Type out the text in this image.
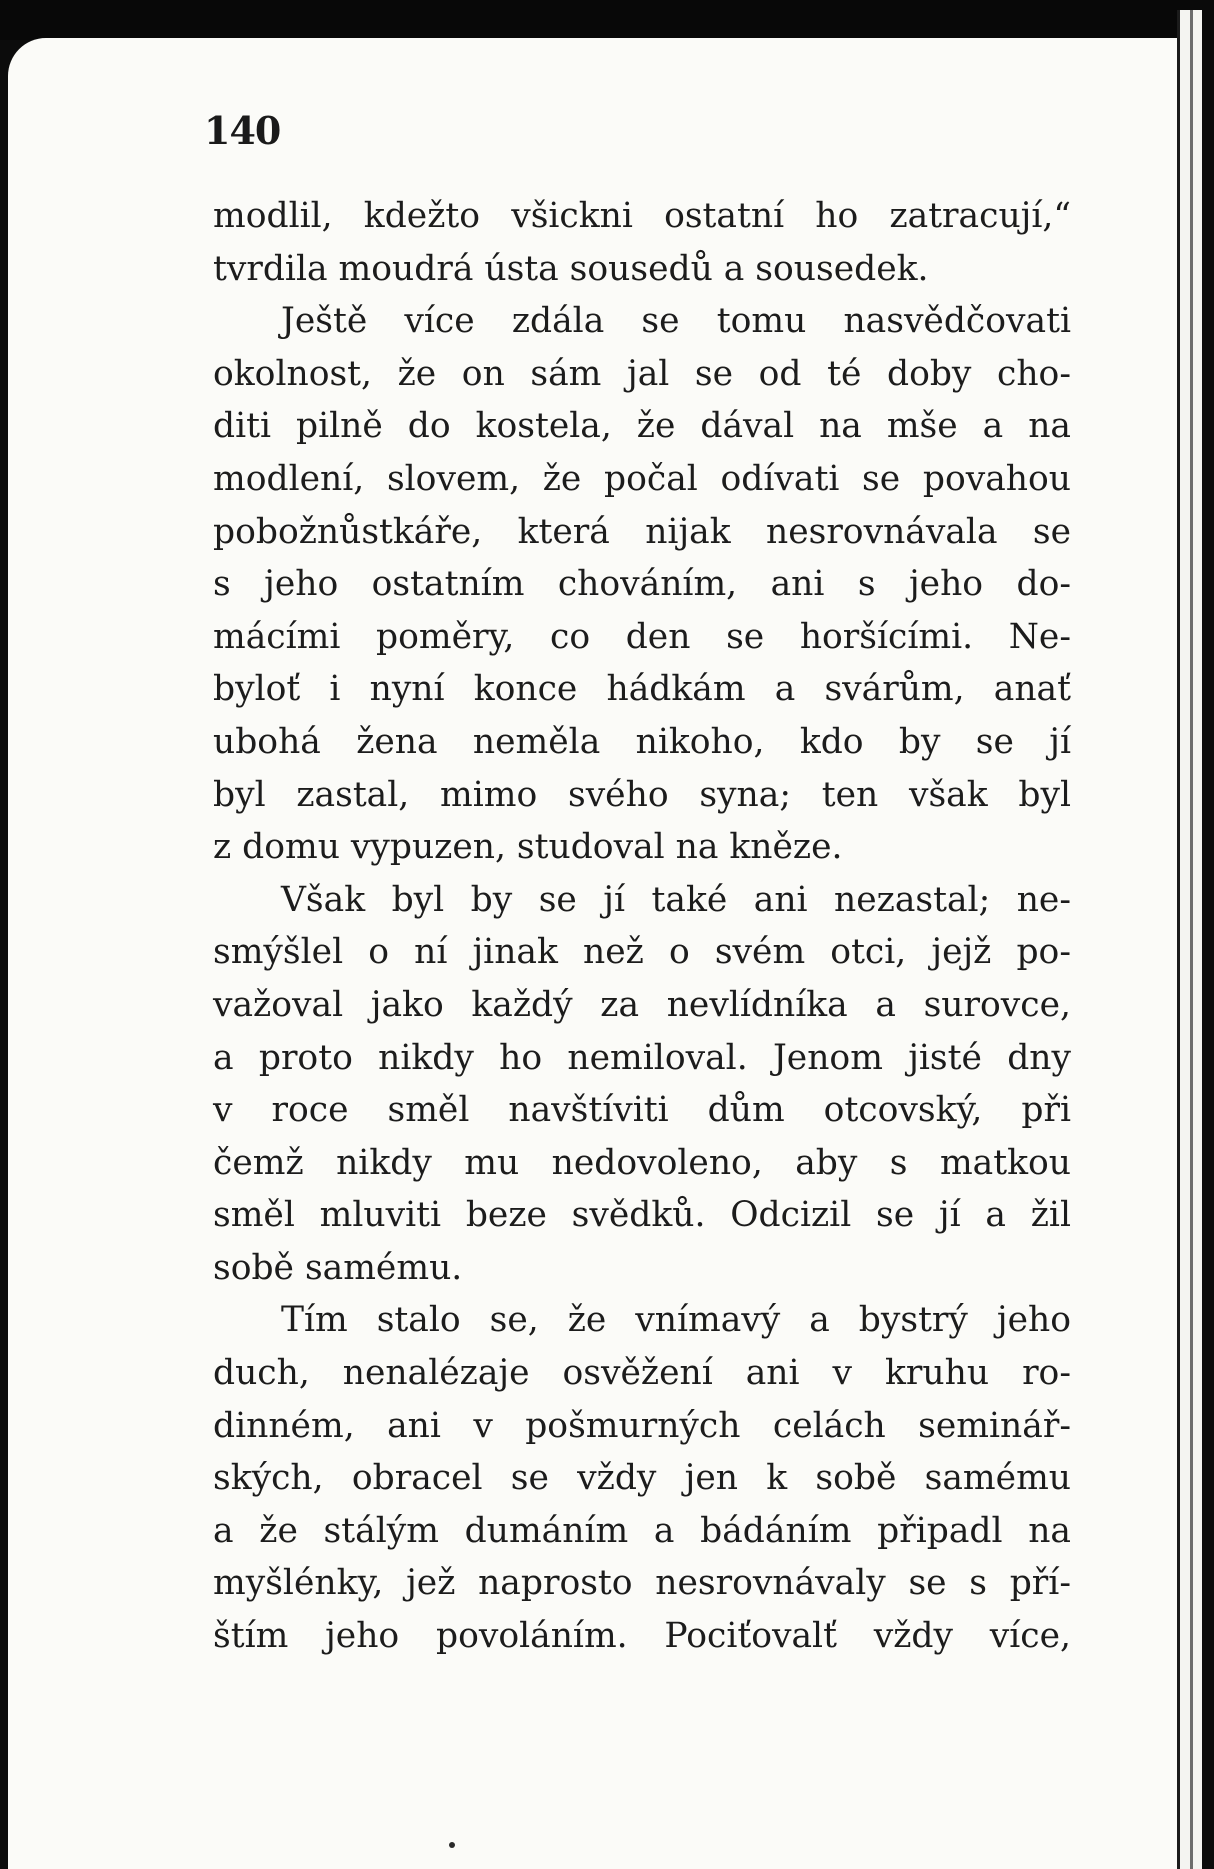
140
modlil, kdežto všickni ostatní ho zatracují,“
tvrdila moudrá ústa sousedů a sousedek.
Ještě více zdála se tomu nasvědčovati
okolnost, že on sám jal se od té doby cho-
diti pilně do kostela, že dával na mše a na
modlení, slovem, že počal odívati se povahou
pobožnůstkáře, která nijak nesrovnávala se
s jeho ostatním chováním, ani s jeho do-
mácími poměry, co den se horšícími. Ne-
byloť i nyní konce hádkám a svárům, anať
ubohá žena neměla nikoho, kdo by se jí
byl zastal, mimo svého syna; ten však byl
z domu vypuzen, studoval na kněze.
Však byl by se jí také ani nezastal; ne-
smýšlel o ní jinak než o svém otci, jejž po-
važoval jako každý za nevlídníka a surovce,
a proto nikdy ho nemiloval. Jenom jisté dny
v roce směl navštíviti dům otcovský, při
čemž nikdy mu nedovoleno, aby s matkou
směl mluviti beze svědků. Odcizil se jí a žil
sobě samému.
Tím stalo se, že vnímavý a bystrý jeho
duch, nenalézaje osvěžení ani v kruhu ro-
dinném, ani v pošmurných celách seminář-
ských, obracel se vždy jen k sobě samému
a že stálým dumáním a bádáním připadl na
myšlénky, jež naprosto nesrovnávaly se s pří-
štím jeho povoláním. Pociťovalť vždy více,
